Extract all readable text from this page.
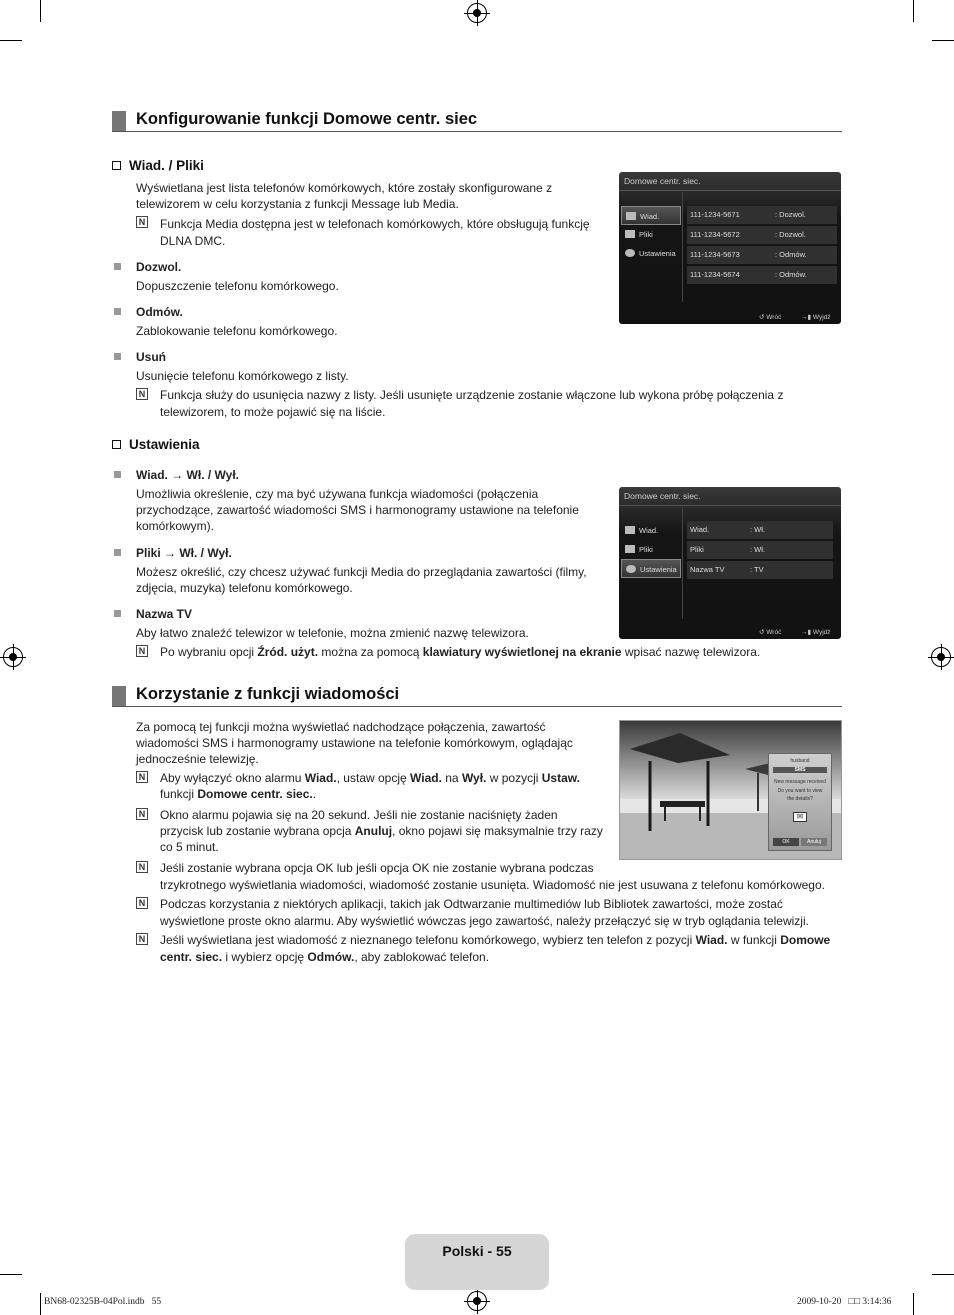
Konfigurowanie funkcji Domowe centr. siec
Wiad. / Pliki
Wyświetlana jest lista telefonów komórkowych, które zostały skonfigurowane z
telewizorem w celu korzystania z funkcji Message lub Media.
N Funkcja Media dostępna jest w telefonach komórkowych, które obsługują funkcję
DLNA DMC.
Dozwol.
Dopuszczenie telefonu komórkowego.
Odmów.
Zablokowanie telefonu komórkowego.
Usuń
Usunięcie telefonu komórkowego z listy.
N Funkcja służy do usunięcia nazwy z listy. Jeśli usunięte urządzenie zostanie włączone lub wykona próbę połączenia z
telewizorem, to może pojawić się na liście.
Domowe centr. siec.
Wiad.
Pliki
Ustawienia
111-1234-5671	: Dozwol.
111-1234-5672	: Dozwol.
111-1234-5673	: Odmów.
111-1234-5674	: Odmów.
↺ Wróć	→▮ Wyjdź
Ustawienia
Wiad. → Wł. / Wył.
Umożliwia określenie, czy ma być używana funkcja wiadomości (połączenia
przychodzące, zawartość wiadomości SMS i harmonogramy ustawione na telefonie
komórkowym).
Pliki → Wł. / Wył.
Możesz określić, czy chcesz używać funkcji Media do przeglądania zawartości (filmy,
zdjęcia, muzyka) telefonu komórkowego.
Nazwa TV
Aby łatwo znaleźć telewizor w telefonie, można zmienić nazwę telewizora.
N Po wybraniu opcji Źród. użyt. można za pomocą klawiatury wyświetlonej na ekranie wpisać nazwę telewizora.
Domowe centr. siec.
Wiad.
Pliki
Ustawienia
Wiad.	: Wł.
Pliki	: Wł.
Nazwa TV	: TV
↺ Wróć	→▮ Wyjdź
Korzystanie z funkcji wiadomości
Za pomocą tej funkcji można wyświetlać nadchodzące połączenia, zawartość
wiadomości SMS i harmonogramy ustawione na telefonie komórkowym, oglądając
jednocześnie telewizję.
N Aby wyłączyć okno alarmu Wiad., ustaw opcję Wiad. na Wył. w pozycji Ustaw.
funkcji Domowe centr. siec..
N Okno alarmu pojawia się na 20 sekund. Jeśli nie zostanie naciśnięty żaden
przycisk lub zostanie wybrana opcja Anuluj, okno pojawi się maksymalnie trzy razy
co 5 minut.
N Jeśli zostanie wybrana opcja OK lub jeśli opcja OK nie zostanie wybrana podczas
trzykrotnego wyświetlania wiadomości, wiadomość zostanie usunięta. Wiadomość nie jest usuwana z telefonu komórkowego.
N Podczas korzystania z niektórych aplikacji, takich jak Odtwarzanie multimediów lub Bibliotek zawartości, może zostać
wyświetlone proste okno alarmu. Aby wyświetlić wówczas jego zawartość, należy przełączyć się w tryb oglądania telewizji.
N Jeśli wyświetlana jest wiadomość z nieznanego telefonu komórkowego, wybierz ten telefon z pozycji Wiad. w funkcji Domowe
centr. siec. i wybierz opcję Odmów., aby zablokować telefon.
husband
SMS
New message received
Do you want to view
the details?
✉
OK	Anuluj
Polski - 55
BN68-02325B-04Pol.indb   55	2009-10-20   □□ 3:14:36
